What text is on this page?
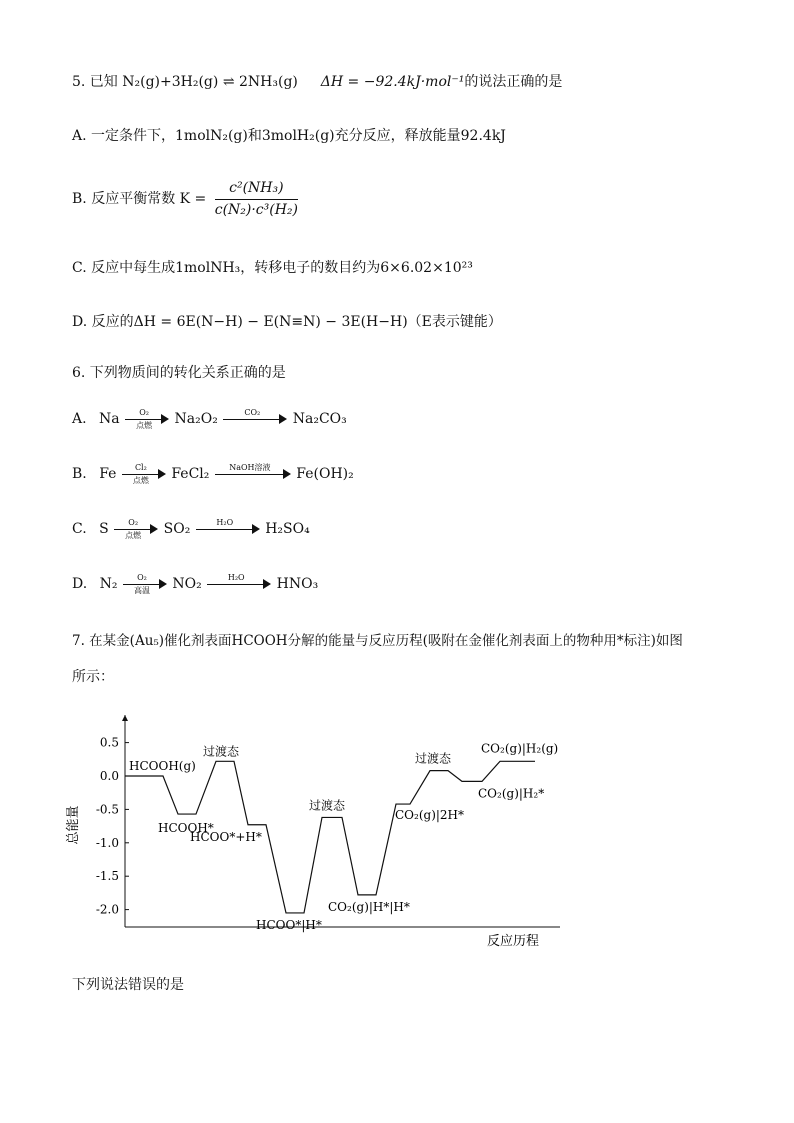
5. 已知 N₂(g)+3H₂(g) ⇌ 2NH₃(g) ΔH = −92.4kJ·mol⁻¹的说法正确的是
A. 一定条件下，1molN₂(g)和3molH₂(g)充分反应，释放能量92.4kJ
B. 反应平衡常数 $K = \frac{\text{c²(NH₃)}}{\text{c(N₂)·c³(H₂)}}$
C. 反应中每生成1molNH₃，转移电子的数目约为6×6.02×10²³
D. 反应的ΔH = 6E(N−H) − E(N≡N) − 3E(H−H)（E表示键能）
6. 下列物质间的转化关系正确的是
A. Na	O₂
点燃	Na₂O₂	CO₂	Na₂CO₃
B. Fe	Cl₂
点燃	FeCl₂	NaOH溶液	Fe(OH)₂
C. S	O₂
点燃	SO₂	H₂O	H₂SO₄
D. N₂	O₂
高温	NO₂	H₂O	HNO₃
7. 在某金(Au₅)催化剂表面HCOOH分解的能量与反应历程(吸附在金催化剂表面上的物种用*标注)如图
所示：
0.5
0.0
-0.5
-1.0
-1.5
-2.0
HCOOH(g)
HCOOH*
过渡态
HCOO*+H*
HCOO*|H*
过渡态
CO₂(g)|H*|H*
CO₂(g)|2H*
过渡态
CO₂(g)|H₂*
CO₂(g)|H₂(g)
总能量
反应历程
下列说法错误的是
